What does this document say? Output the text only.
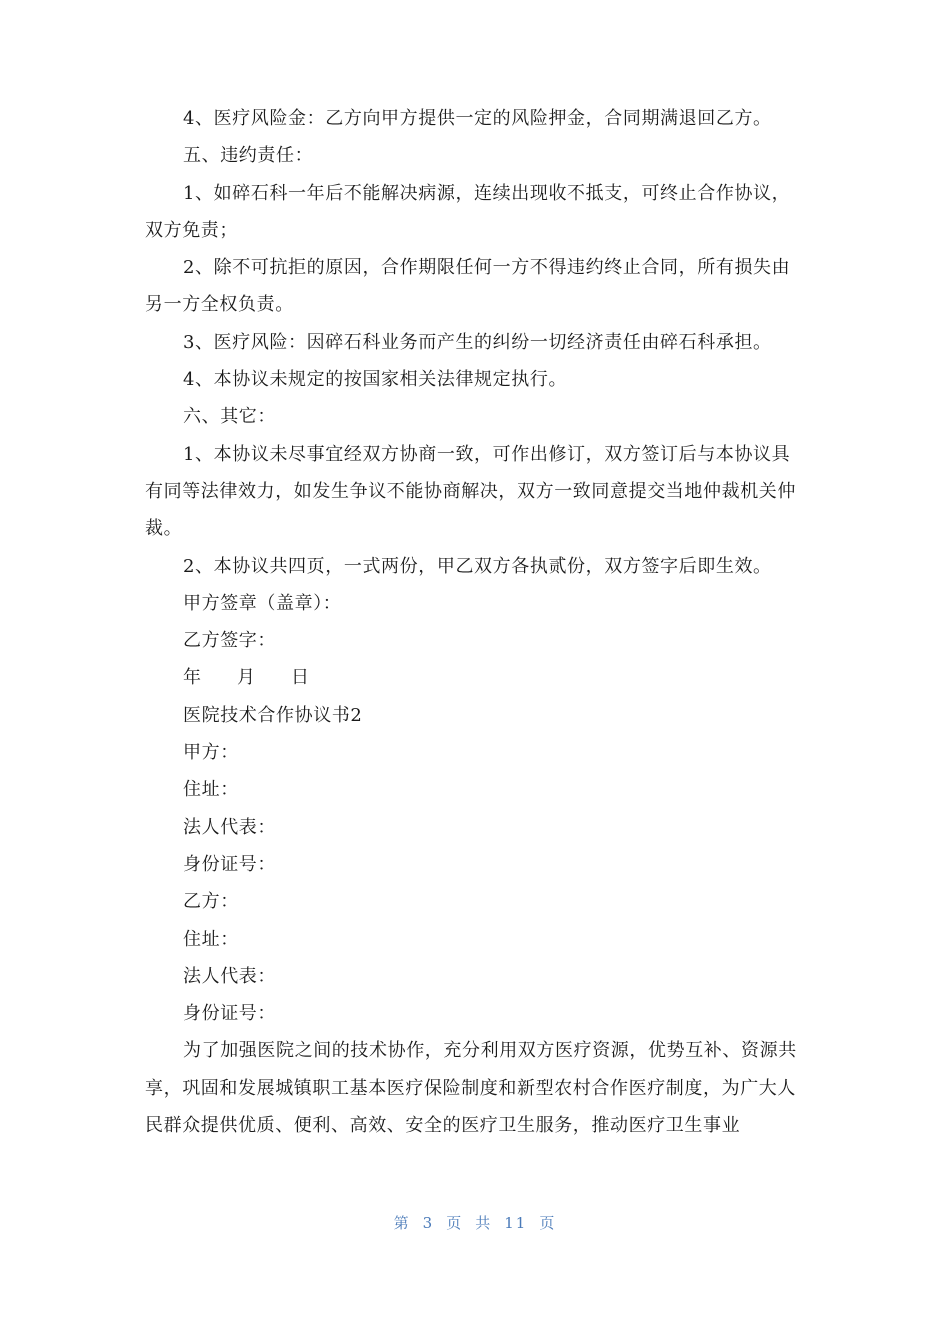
4、医疗风险金：乙方向甲方提供一定的风险押金，合同期满退回乙方。

五、违约责任：

1、如碎石科一年后不能解决病源，连续出现收不抵支，可终止合作协议，双方免责；

2、除不可抗拒的原因，合作期限任何一方不得违约终止合同，所有损失由另一方全权负责。

3、医疗风险：因碎石科业务而产生的纠纷一切经济责任由碎石科承担。

4、本协议未规定的按国家相关法律规定执行。

六、其它：

1、本协议未尽事宜经双方协商一致，可作出修订，双方签订后与本协议具有同等法律效力，如发生争议不能协商解决，双方一致同意提交当地仲裁机关仲裁。

2、本协议共四页，一式两份，甲乙双方各执贰份，双方签字后即生效。

甲方签章（盖章）：

乙方签字：

年 月 日

医院技术合作协议书2

甲方：

住址：

法人代表：

身份证号：

乙方：

住址：

法人代表：

身份证号：

为了加强医院之间的技术协作，充分利用双方医疗资源，优势互补、资源共享，巩固和发展城镇职工基本医疗保险制度和新型农村合作医疗制度，为广大人民群众提供优质、便利、高效、安全的医疗卫生服务，推动医疗卫生事业

第 3 页 共 11 页
